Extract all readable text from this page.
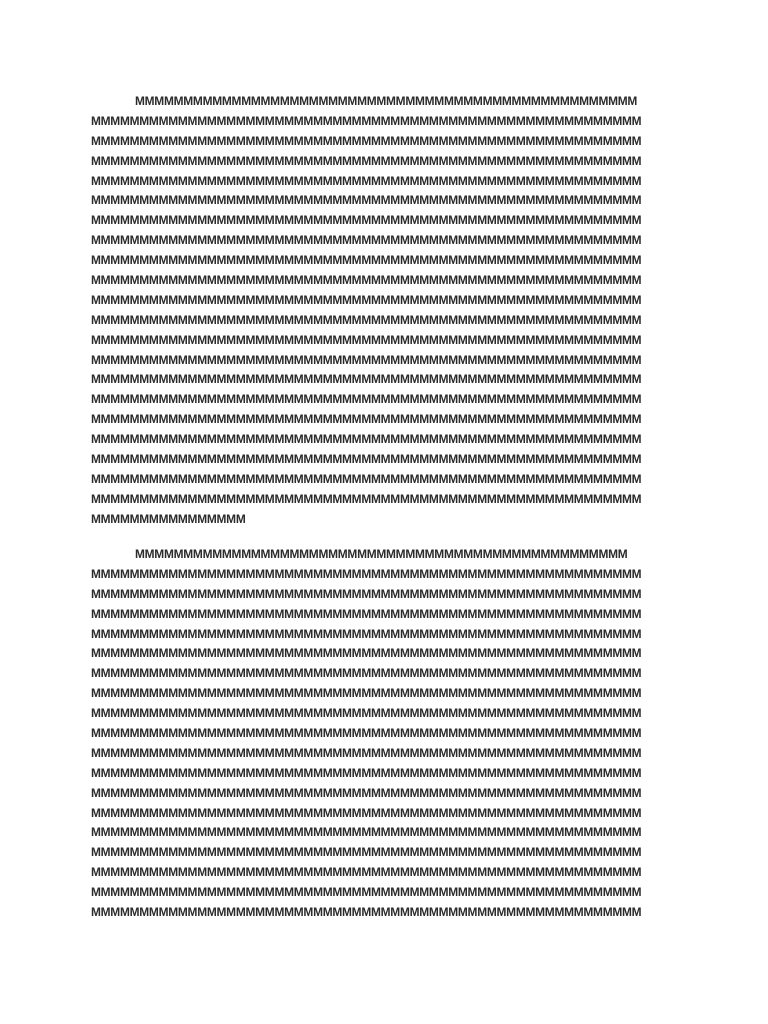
MMMMMMMMMMMMMMMMMMMMMMMMMMMMMMMMMMMMMMMMMMMMMMMMMMMM
MMMMMMMMMMMMMMMMMMMMMMMMMMMMMMMMMMMMMMMMMMMMMMMMMMMMMMMMM
MMMMMMMMMMMMMMMMMMMMMMMMMMMMMMMMMMMMMMMMMMMMMMMMMMMMMMMMM
MMMMMMMMMMMMMMMMMMMMMMMMMMMMMMMMMMMMMMMMMMMMMMMMMMMMMMMMM
MMMMMMMMMMMMMMMMMMMMMMMMMMMMMMMMMMMMMMMMMMMMMMMMMMMMMMMMM
MMMMMMMMMMMMMMMMMMMMMMMMMMMMMMMMMMMMMMMMMMMMMMMMMMMMMMMMM
MMMMMMMMMMMMMMMMMMMMMMMMMMMMMMMMMMMMMMMMMMMMMMMMMMMMMMMMM
MMMMMMMMMMMMMMMMMMMMMMMMMMMMMMMMMMMMMMMMMMMMMMMMMMMMMMMMM
MMMMMMMMMMMMMMMMMMMMMMMMMMMMMMMMMMMMMMMMMMMMMMMMMMMMMMMMM
MMMMMMMMMMMMMMMMMMMMMMMMMMMMMMMMMMMMMMMMMMMMMMMMMMMMMMMMM
MMMMMMMMMMMMMMMMMMMMMMMMMMMMMMMMMMMMMMMMMMMMMMMMMMMMMMMMM
MMMMMMMMMMMMMMMMMMMMMMMMMMMMMMMMMMMMMMMMMMMMMMMMMMMMMMMMM
MMMMMMMMMMMMMMMMMMMMMMMMMMMMMMMMMMMMMMMMMMMMMMMMMMMMMMMMM
MMMMMMMMMMMMMMMMMMMMMMMMMMMMMMMMMMMMMMMMMMMMMMMMMMMMMMMMM
MMMMMMMMMMMMMMMMMMMMMMMMMMMMMMMMMMMMMMMMMMMMMMMMMMMMMMMMM
MMMMMMMMMMMMMMMMMMMMMMMMMMMMMMMMMMMMMMMMMMMMMMMMMMMMMMMMM
MMMMMMMMMMMMMMMMMMMMMMMMMMMMMMMMMMMMMMMMMMMMMMMMMMMMMMMMM
MMMMMMMMMMMMMMMMMMMMMMMMMMMMMMMMMMMMMMMMMMMMMMMMMMMMMMMMM
MMMMMMMMMMMMMMMMMMMMMMMMMMMMMMMMMMMMMMMMMMMMMMMMMMMMMMMMM
MMMMMMMMMMMMMMMMMMMMMMMMMMMMMMMMMMMMMMMMMMMMMMMMMMMMMMMMM
MMMMMMMMMMMMMMMMMMMMMMMMMMMMMMMMMMMMMMMMMMMMMMMMMMMMMMMMM
MMMMMMMMMMMMMMMM
MMMMMMMMMMMMMMMMMMMMMMMMMMMMMMMMMMMMMMMMMMMMMMMMMMM
MMMMMMMMMMMMMMMMMMMMMMMMMMMMMMMMMMMMMMMMMMMMMMMMMMMMMMMMM
MMMMMMMMMMMMMMMMMMMMMMMMMMMMMMMMMMMMMMMMMMMMMMMMMMMMMMMMM
MMMMMMMMMMMMMMMMMMMMMMMMMMMMMMMMMMMMMMMMMMMMMMMMMMMMMMMMM
MMMMMMMMMMMMMMMMMMMMMMMMMMMMMMMMMMMMMMMMMMMMMMMMMMMMMMMMM
MMMMMMMMMMMMMMMMMMMMMMMMMMMMMMMMMMMMMMMMMMMMMMMMMMMMMMMMM
MMMMMMMMMMMMMMMMMMMMMMMMMMMMMMMMMMMMMMMMMMMMMMMMMMMMMMMMM
MMMMMMMMMMMMMMMMMMMMMMMMMMMMMMMMMMMMMMMMMMMMMMMMMMMMMMMMM
MMMMMMMMMMMMMMMMMMMMMMMMMMMMMMMMMMMMMMMMMMMMMMMMMMMMMMMMM
MMMMMMMMMMMMMMMMMMMMMMMMMMMMMMMMMMMMMMMMMMMMMMMMMMMMMMMMM
MMMMMMMMMMMMMMMMMMMMMMMMMMMMMMMMMMMMMMMMMMMMMMMMMMMMMMMMM
MMMMMMMMMMMMMMMMMMMMMMMMMMMMMMMMMMMMMMMMMMMMMMMMMMMMMMMMM
MMMMMMMMMMMMMMMMMMMMMMMMMMMMMMMMMMMMMMMMMMMMMMMMMMMMMMMMM
MMMMMMMMMMMMMMMMMMMMMMMMMMMMMMMMMMMMMMMMMMMMMMMMMMMMMMMMM
MMMMMMMMMMMMMMMMMMMMMMMMMMMMMMMMMMMMMMMMMMMMMMMMMMMMMMMMM
MMMMMMMMMMMMMMMMMMMMMMMMMMMMMMMMMMMMMMMMMMMMMMMMMMMMMMMMM
MMMMMMMMMMMMMMMMMMMMMMMMMMMMMMMMMMMMMMMMMMMMMMMMMMMMMMMMM
MMMMMMMMMMMMMMMMMMMMMMMMMMMMMMMMMMMMMMMMMMMMMMMMMMMMMMMMM
MMMMMMMMMMMMMMMMMMMMMMMMMMMMMMMMMMMMMMMMMMMMMMMMMMMMMMMMM
